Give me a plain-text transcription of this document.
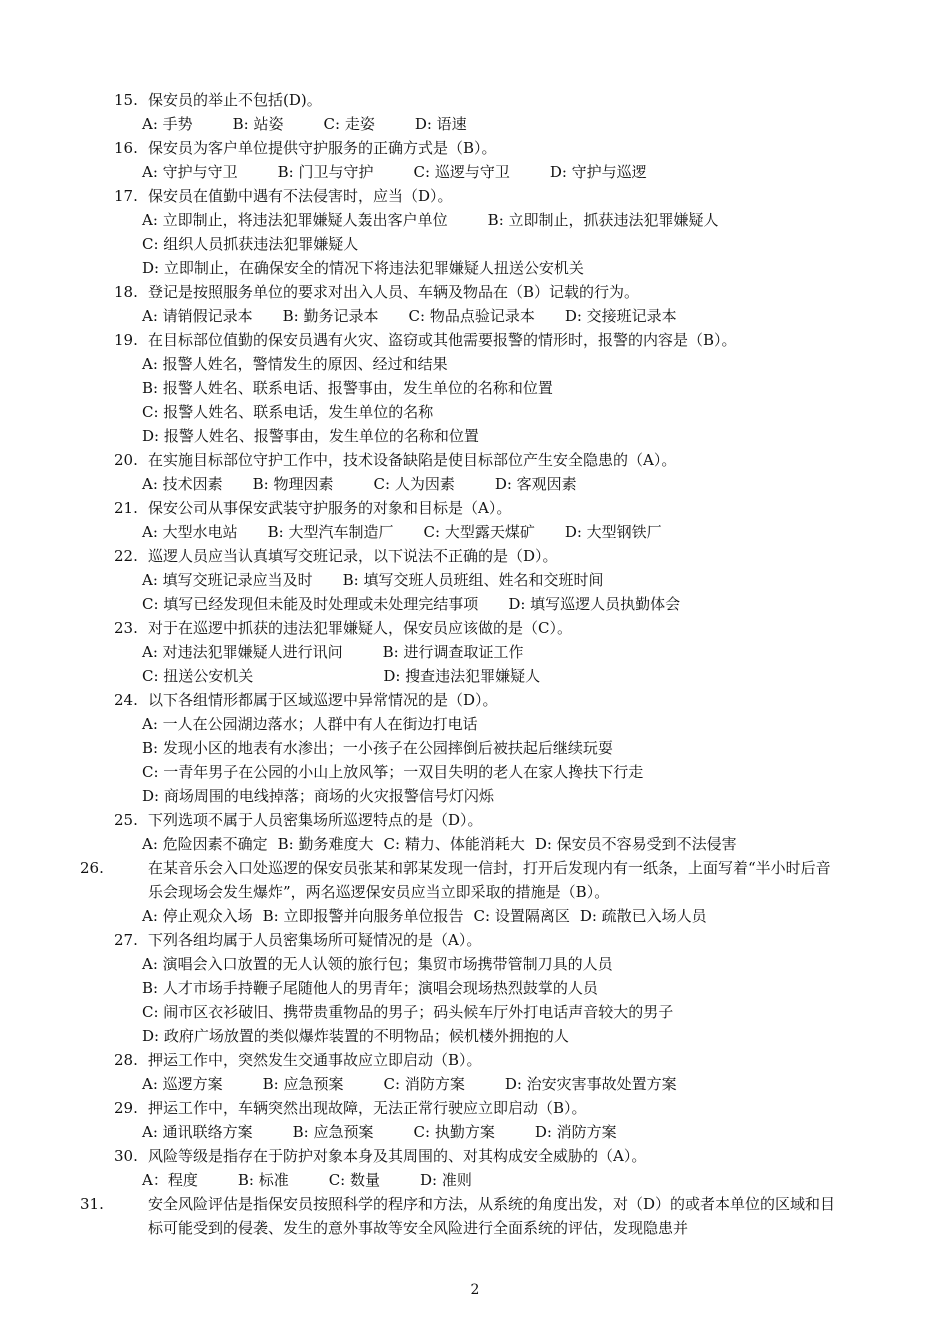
15. 保安员的举止不包括(D)。
A: 手势	B: 站姿	C: 走姿	D: 语速
16. 保安员为客户单位提供守护服务的正确方式是（B）。
A: 守护与守卫	B: 门卫与守护	C: 巡逻与守卫	D: 守护与巡逻
17. 保安员在值勤中遇有不法侵害时，应当（D）。
A: 立即制止，将违法犯罪嫌疑人轰出客户单位	B: 立即制止，抓获违法犯罪嫌疑人
C: 组织人员抓获违法犯罪嫌疑人
D: 立即制止，在确保安全的情况下将违法犯罪嫌疑人扭送公安机关
18. 登记是按照服务单位的要求对出入人员、车辆及物品在（B）记载的行为。
A: 请销假记录本 B: 勤务记录本 C: 物品点验记录本 D: 交接班记录本
19. 在目标部位值勤的保安员遇有火灾、盗窃或其他需要报警的情形时，报警的内容是（B）。
A: 报警人姓名，警情发生的原因、经过和结果
B: 报警人姓名、联系电话、报警事由，发生单位的名称和位置
C: 报警人姓名、联系电话，发生单位的名称
D: 报警人姓名、报警事由，发生单位的名称和位置
20. 在实施目标部位守护工作中，技术设备缺陷是使目标部位产生安全隐患的（A）。
A: 技术因素 B: 物理因素	C: 人为因素	D: 客观因素
21. 保安公司从事保安武装守护服务的对象和目标是（A）。
A: 大型水电站 B: 大型汽车制造厂 C: 大型露天煤矿 D: 大型钢铁厂
22. 巡逻人员应当认真填写交班记录，以下说法不正确的是（D）。
A: 填写交班记录应当及时 B: 填写交班人员班组、姓名和交班时间
C: 填写已经发现但未能及时处理或未处理完结事项 D: 填写巡逻人员执勤体会
23. 对于在巡逻中抓获的违法犯罪嫌疑人，保安员应该做的是（C）。
A: 对违法犯罪嫌疑人进行讯问	B: 进行调查取证工作
C: 扭送公安机关	D: 搜查违法犯罪嫌疑人
24. 以下各组情形都属于区域巡逻中异常情况的是（D）。
A: 一人在公园湖边落水；人群中有人在街边打电话
B: 发现小区的地表有水渗出；一小孩子在公园摔倒后被扶起后继续玩耍
C: 一青年男子在公园的小山上放风筝；一双目失明的老人在家人搀扶下行走
D: 商场周围的电线掉落；商场的火灾报警信号灯闪烁
25. 下列选项不属于人员密集场所巡逻特点的是（D）。
A: 危险因素不确定 B: 勤务难度大 C: 精力、体能消耗大 D: 保安员不容易受到不法侵害
26.	在某音乐会入口处巡逻的保安员张某和郭某发现一信封，打开后发现内有一纸条，上面写着“半小时后音乐会现场会发生爆炸”，两名巡逻保安员应当立即采取的措施是（B）。
A: 停止观众入场 B: 立即报警并向服务单位报告 C: 设置隔离区 D: 疏散已入场人员
27. 下列各组均属于人员密集场所可疑情况的是（A）。
A: 演唱会入口放置的无人认领的旅行包；集贸市场携带管制刀具的人员
B: 人才市场手持鞭子尾随他人的男青年；演唱会现场热烈鼓掌的人员
C: 闹市区衣衫破旧、携带贵重物品的男子；码头候车厅外打电话声音较大的男子
D: 政府广场放置的类似爆炸装置的不明物品；候机楼外拥抱的人
28. 押运工作中，突然发生交通事故应立即启动（B）。
A: 巡逻方案	B: 应急预案	C: 消防方案	D: 治安灾害事故处置方案
29. 押运工作中，车辆突然出现故障，无法正常行驶应立即启动（B）。
A: 通讯联络方案	B: 应急预案	C: 执勤方案	D: 消防方案
30. 风险等级是指存在于防护对象本身及其周围的、对其构成安全威胁的（A）。
A：程度	B: 标准	C: 数量	D: 准则
31.	安全风险评估是指保安员按照科学的程序和方法，从系统的角度出发，对（D）的或者本单位的区域和目标可能受到的侵袭、发生的意外事故等安全风险进行全面系统的评估，发现隐患并
2
